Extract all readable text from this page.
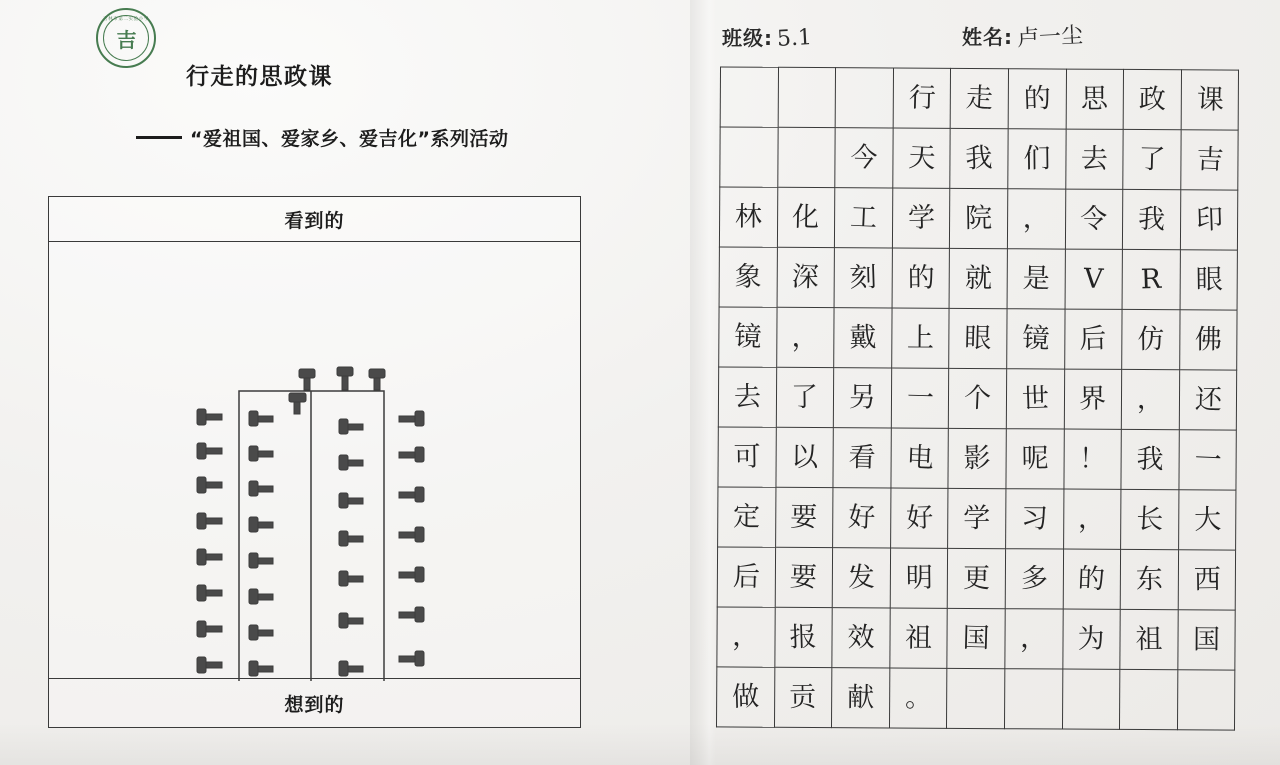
吉林市第二实验小学
吉
行走的思政课
“爱祖国、爱家乡、爱吉化”系列活动
看到的
想到的
班级: 5.1	姓名: 卢一尘
			行	走	的	思	政	课
		今	天	我	们	去	了	吉
林	化	工	学	院	，	令	我	印
象	深	刻	的	就	是	V	R	眼
镜	，	戴	上	眼	镜	后	仿	佛
去	了	另	一	个	世	界	，	还
可	以	看	电	影	呢	！	我	一
定	要	好	好	学	习	，	长	大
后	要	发	明	更	多	的	东	西
，	报	效	祖	国	，	为	祖	国
做	贡	献	。					
